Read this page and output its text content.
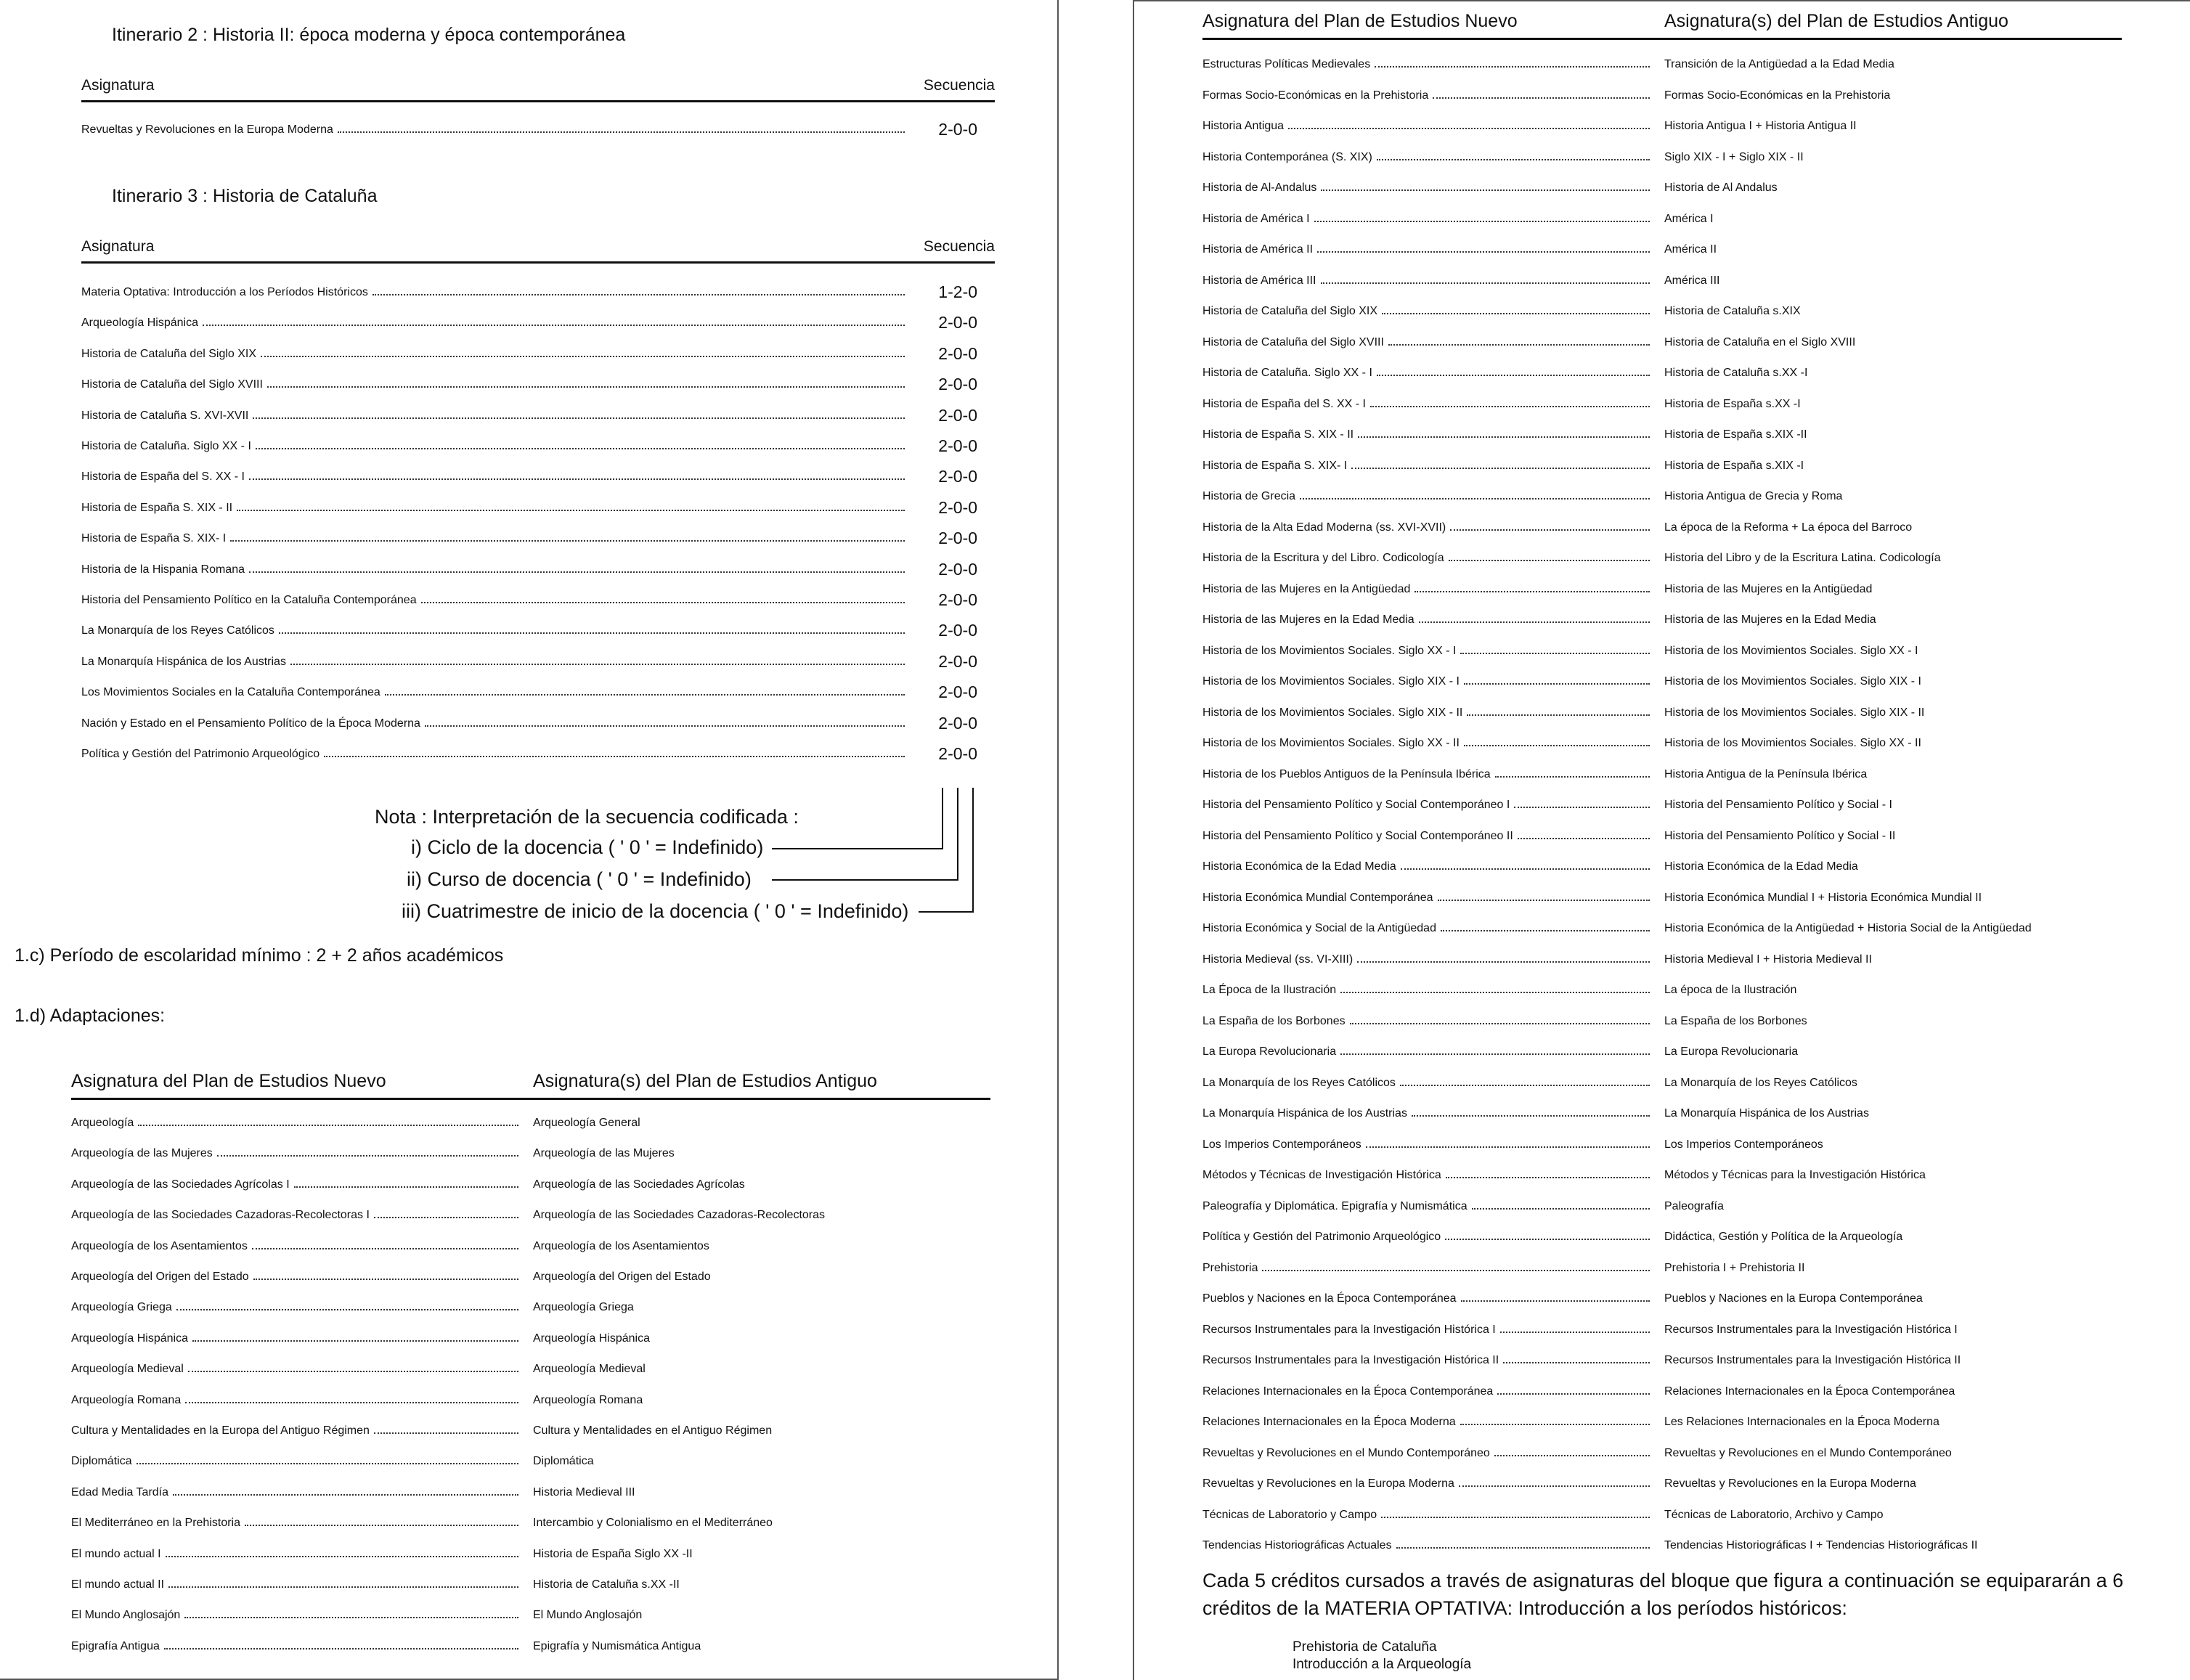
Itinerario 2 : Historia II: época moderna y época contemporánea
Asignatura	Secuencia
Revueltas y Revoluciones en la Europa Moderna	2-0-0
Itinerario 3 : Historia de Cataluña
Asignatura	Secuencia
Materia Optativa: Introducción a los Períodos Históricos	1-2-0
Arqueología Hispánica	2-0-0
Historia de Cataluña del Siglo XIX	2-0-0
Historia de Cataluña del Siglo XVIII	2-0-0
Historia de Cataluña S. XVI-XVII	2-0-0
Historia de Cataluña. Siglo XX - I	2-0-0
Historia de España del S. XX - I	2-0-0
Historia de España S. XIX - II	2-0-0
Historia de España S. XIX- I	2-0-0
Historia de la Hispania Romana	2-0-0
Historia del Pensamiento Político en la Cataluña Contemporánea	2-0-0
La Monarquía de los Reyes Católicos	2-0-0
La Monarquía Hispánica de los Austrias	2-0-0
Los Movimientos Sociales en la Cataluña Contemporánea	2-0-0
Nación y Estado en el Pensamiento Político de la Época Moderna	2-0-0
Política y Gestión del Patrimonio Arqueológico	2-0-0
Nota : Interpretación de la secuencia codificada :
i) Ciclo de la docencia ( ' 0 ' = Indefinido)
ii) Curso de docencia ( ' 0 ' = Indefinido)
iii) Cuatrimestre de inicio de la docencia ( ' 0 ' = Indefinido)
1.c) Período de escolaridad mínimo : 2 + 2 años académicos
1.d) Adaptaciones:
Asignatura del Plan de Estudios Nuevo	Asignatura(s) del Plan de Estudios Antiguo
Arqueología	Arqueología General
Arqueología de las Mujeres	Arqueología de las Mujeres
Arqueología de las Sociedades Agrícolas I	Arqueología de las Sociedades Agrícolas
Arqueología de las Sociedades Cazadoras-Recolectoras I	Arqueología de las Sociedades Cazadoras-Recolectoras
Arqueología de los Asentamientos	Arqueología de los Asentamientos
Arqueología del Origen del Estado	Arqueología del Origen del Estado
Arqueología Griega	Arqueología Griega
Arqueología Hispánica	Arqueología Hispánica
Arqueología Medieval	Arqueología Medieval
Arqueología Romana	Arqueología Romana
Cultura y Mentalidades en la Europa del Antiguo Régimen	Cultura y Mentalidades en el Antiguo Régimen
Diplomática	Diplomática
Edad Media Tardía	Historia Medieval III
El Mediterráneo en la Prehistoria	Intercambio y Colonialismo en el Mediterráneo
El mundo actual I	Historia de España Siglo XX -II
El mundo actual II	Historia de Cataluña s.XX -II
El Mundo Anglosajón	El Mundo Anglosajón
Epigrafía Antigua	Epigrafía y Numismática Antigua
Asignatura del Plan de Estudios Nuevo	Asignatura(s) del Plan de Estudios Antiguo
Estructuras Políticas Medievales	Transición de la Antigüedad a la Edad Media
Formas Socio-Económicas en la Prehistoria	Formas Socio-Económicas en la Prehistoria
Historia Antigua	Historia Antigua I + Historia Antigua II
Historia Contemporánea (S. XIX)	Siglo XIX - I + Siglo XIX - II
Historia de Al-Andalus	Historia de Al Andalus
Historia de América I	América I
Historia de América II	América II
Historia de América III	América III
Historia de Cataluña del Siglo XIX	Historia de Cataluña s.XIX
Historia de Cataluña del Siglo XVIII	Historia de Cataluña en el Siglo XVIII
Historia de Cataluña. Siglo XX - I	Historia de Cataluña s.XX -I
Historia de España del S. XX - I	Historia de España s.XX -I
Historia de España S. XIX - II	Historia de España s.XIX -II
Historia de España S. XIX- I	Historia de España s.XIX -I
Historia de Grecia	Historia Antigua de Grecia y Roma
Historia de la Alta Edad Moderna (ss. XVI-XVII)	La época de la Reforma + La época del Barroco
Historia de la Escritura y del Libro. Codicología	Historia del Libro y de la Escritura Latina. Codicología
Historia de las Mujeres en la Antigüedad	Historia de las Mujeres en la Antigüedad
Historia de las Mujeres en la Edad Media	Historia de las Mujeres en la Edad Media
Historia de los Movimientos Sociales. Siglo XX - I	Historia de los Movimientos Sociales. Siglo XX - I
Historia de los Movimientos Sociales. Siglo XIX - I	Historia de los Movimientos Sociales. Siglo XIX - I
Historia de los Movimientos Sociales. Siglo XIX - II	Historia de los Movimientos Sociales. Siglo XIX - II
Historia de los Movimientos Sociales. Siglo XX - II	Historia de los Movimientos Sociales. Siglo XX - II
Historia de los Pueblos Antiguos de la Península Ibérica	Historia Antigua de la Península Ibérica
Historia del Pensamiento Político y Social Contemporáneo I	Historia del Pensamiento Político y Social - I
Historia del Pensamiento Político y Social Contemporáneo II	Historia del Pensamiento Político y Social - II
Historia Económica de la Edad Media	Historia Económica de la Edad Media
Historia Económica Mundial Contemporánea	Historia Económica Mundial I + Historia Económica Mundial II
Historia Económica y Social de la Antigüedad	Historia Económica de la Antigüedad + Historia Social de la Antigüedad
Historia Medieval (ss. VI-XIII)	Historia Medieval I + Historia Medieval II
La Época de la Ilustración	La época de la Ilustración
La España de los Borbones	La España de los Borbones
La Europa Revolucionaria	La Europa Revolucionaria
La Monarquía de los Reyes Católicos	La Monarquía de los Reyes Católicos
La Monarquía Hispánica de los Austrias	La Monarquía Hispánica de los Austrias
Los Imperios Contemporáneos	Los Imperios Contemporáneos
Métodos y Técnicas de Investigación Histórica	Métodos y Técnicas para la Investigación Histórica
Paleografía y Diplomática. Epigrafía y Numismática	Paleografía
Política y Gestión del Patrimonio Arqueológico	Didáctica, Gestión y Política de la Arqueología
Prehistoria	Prehistoria I + Prehistoria II
Pueblos y Naciones en la Época Contemporánea	Pueblos y Naciones en la Europa Contemporánea
Recursos Instrumentales para la Investigación Histórica I	Recursos Instrumentales para la Investigación Histórica I
Recursos Instrumentales para la Investigación Histórica II	Recursos Instrumentales para la Investigación Histórica II
Relaciones Internacionales en la Época Contemporánea	Relaciones Internacionales en la Época Contemporánea
Relaciones Internacionales en la Época Moderna	Les Relaciones Internacionales en la Época Moderna
Revueltas y Revoluciones en el Mundo Contemporáneo	Revueltas y Revoluciones en el Mundo Contemporáneo
Revueltas y Revoluciones en la Europa Moderna	Revueltas y Revoluciones en la Europa Moderna
Técnicas de Laboratorio y Campo	Técnicas de Laboratorio, Archivo y Campo
Tendencias Historiográficas Actuales	Tendencias Historiográficas I + Tendencias Historiográficas II
Cada 5 créditos cursados a través de asignaturas del bloque que figura a continuación se equipararán a 6
créditos de la MATERIA OPTATIVA: Introducción a los períodos históricos:
Prehistoria de Cataluña
Introducción a la Arqueología
